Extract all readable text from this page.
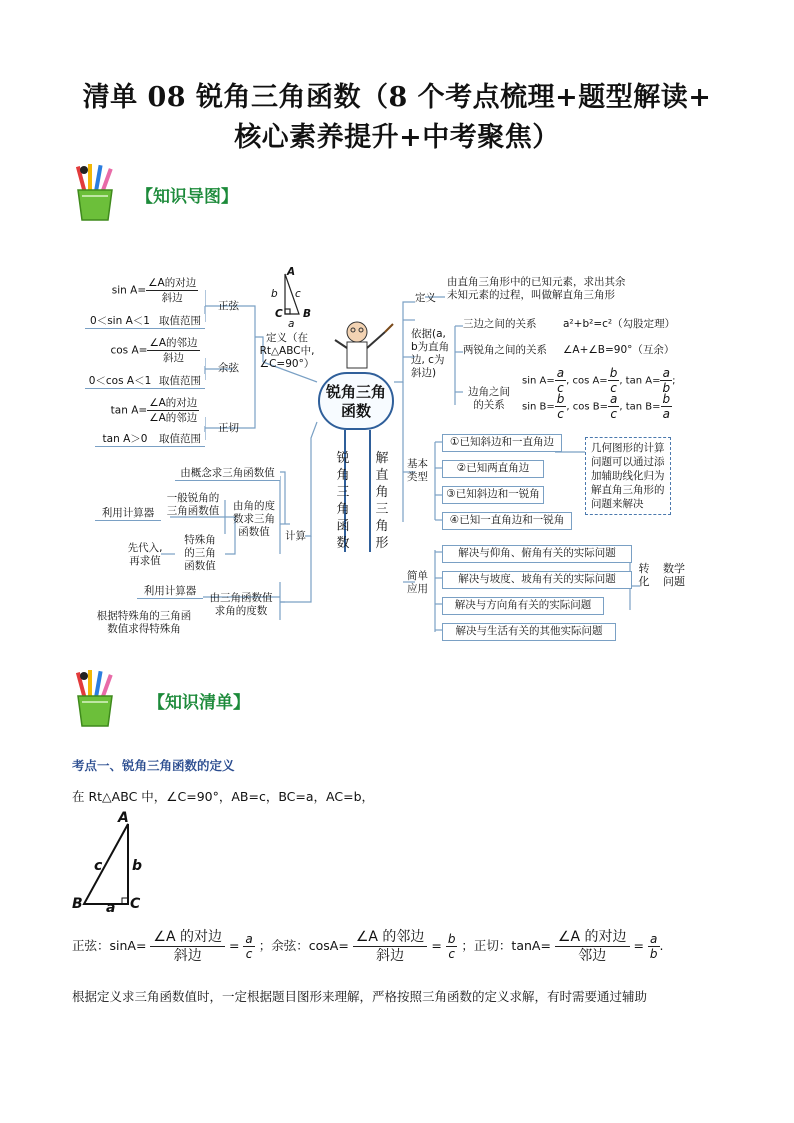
清单 08 锐角三角函数（8 个考点梳理+题型解读+
核心素养提升+中考聚焦）
【知识导图】
A
b c
C B
a
定义（在
Rt△ABC中,
∠C=90°）
$\sin A= \frac{\text{∠A的对边}}{\text{斜边}}$
0＜sin A＜1 取值范围
正弦
$\cos A= \frac{\text{∠A的邻边}}{\text{斜边}}$
0＜cos A＜1 取值范围
余弦
$\tan A= \frac{\text{∠A的对边}}{\text{∠A的邻边}}$
tan A＞0	取值范围
正切
由概念求三角函数值
一般锐角的
三角函数值
利用计算器
由角的度
数求三角
函数值
特殊角
的三角
函数值
先代入,
再求值
计算
利用计算器
由三角函数值
求角的度数
根据特殊角的三角函
数值求得特殊角
锐角三角函数
锐角三角函数
解直角三角形
定义
由直角三角形中的已知元素，求出其余
未知元素的过程，叫做解直角三角形
依据(a,
b为直角
边, c为
斜边)
三边之间的关系	a²+b²=c²（勾股定理）
两锐角之间的关系 ∠A+∠B=90°（互余）
边角之间
的关系
$\sin A= \frac{a}{c}$ , $\cos A= \frac{b}{c}$ , $\tan A= \frac{a}{b}$ ;
$\sin B= \frac{b}{c}$ , $\cos B= \frac{a}{c}$ , $\tan B= \frac{b}{a}$
基本
类型
①已知斜边和一直角边
②已知两直角边
③已知斜边和一锐角
④已知一直角边和一锐角
几何图形的计算
问题可以通过添
加辅助线化归为
解直角三角形的
问题来解决
简单
应用
解决与仰角、俯角有关的实际问题
解决与坡度、坡角有关的实际问题
解决与方向角有关的实际问题
解决与生活有关的其他实际问题
转
化
数学
问题
【知识清单】
考点一、锐角三角函数的定义
在 Rt△ABC 中，∠C=90°，AB=c，BC=a，AC=b，
A
B	C
a
b
c
正弦：sinA=
∠A 的对边
斜边
= $\frac{a}{c}$ ；余弦：cosA=
∠A 的邻边
斜边
= $\frac{b}{c}$ ；正切：tanA=
∠A 的对边
邻边
= $\frac{a}{b}$ .
根据定义求三角函数值时，一定根据题目图形来理解，严格按照三角函数的定义求解，有时需要通过辅助
